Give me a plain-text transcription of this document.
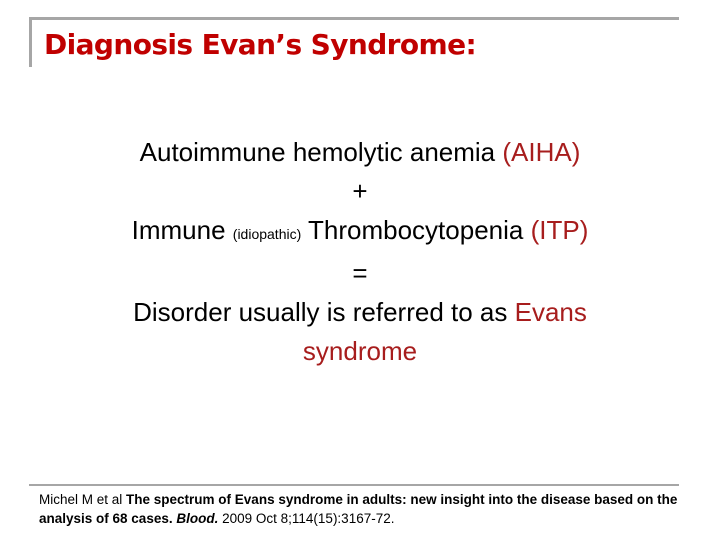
Diagnosis Evan’s Syndrome:
Autoimmune hemolytic anemia (AIHA)
+
Immune (idiopathic) Thrombocytopenia (ITP)
=
Disorder usually is referred to as Evans
syndrome
Michel M et al The spectrum of Evans syndrome in adults: new insight into the disease based on the analysis of 68 cases. Blood. 2009 Oct 8;114(15):3167-72.
